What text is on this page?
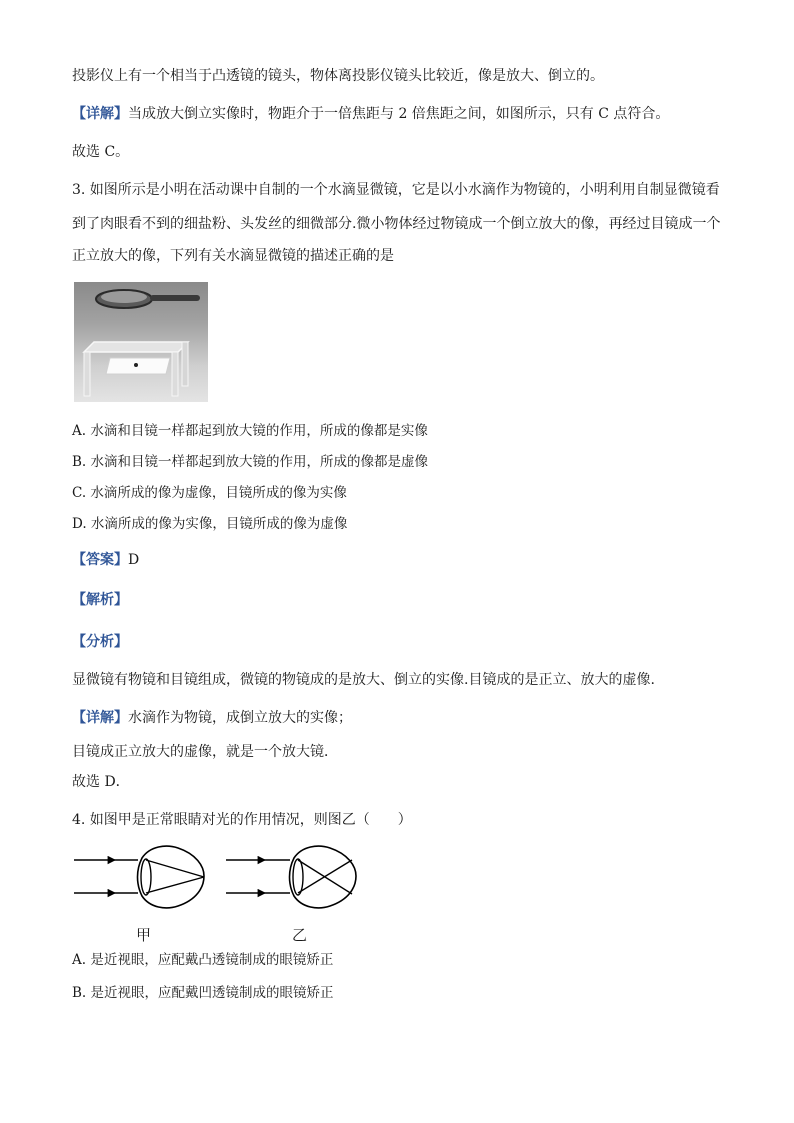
投影仪上有一个相当于凸透镜的镜头，物体离投影仪镜头比较近，像是放大、倒立的。
【详解】当成放大倒立实像时，物距介于一倍焦距与 2 倍焦距之间，如图所示，只有 C 点符合。
故选 C。
3. 如图所示是小明在活动课中自制的一个水滴显微镜，它是以小水滴作为物镜的，小明利用自制显微镜看
到了肉眼看不到的细盐粉、头发丝的细微部分.微小物体经过物镜成一个倒立放大的像，再经过目镜成一个
正立放大的像，下列有关水滴显微镜的描述正确的是
A. 水滴和目镜一样都起到放大镜的作用，所成的像都是实像
B. 水滴和目镜一样都起到放大镜的作用，所成的像都是虚像
C. 水滴所成的像为虚像，目镜所成的像为实像
D. 水滴所成的像为实像，目镜所成的像为虚像
【答案】D
【解析】
【分析】
显微镜有物镜和目镜组成，微镜的物镜成的是放大、倒立的实像.目镜成的是正立、放大的虚像.
【详解】水滴作为物镜，成倒立放大的实像；
目镜成正立放大的虚像，就是一个放大镜．
故选 D．
4. 如图甲是正常眼睛对光的作用情况，则图乙（　　）
甲	乙
A. 是近视眼，应配戴凸透镜制成的眼镜矫正
B. 是近视眼，应配戴凹透镜制成的眼镜矫正
